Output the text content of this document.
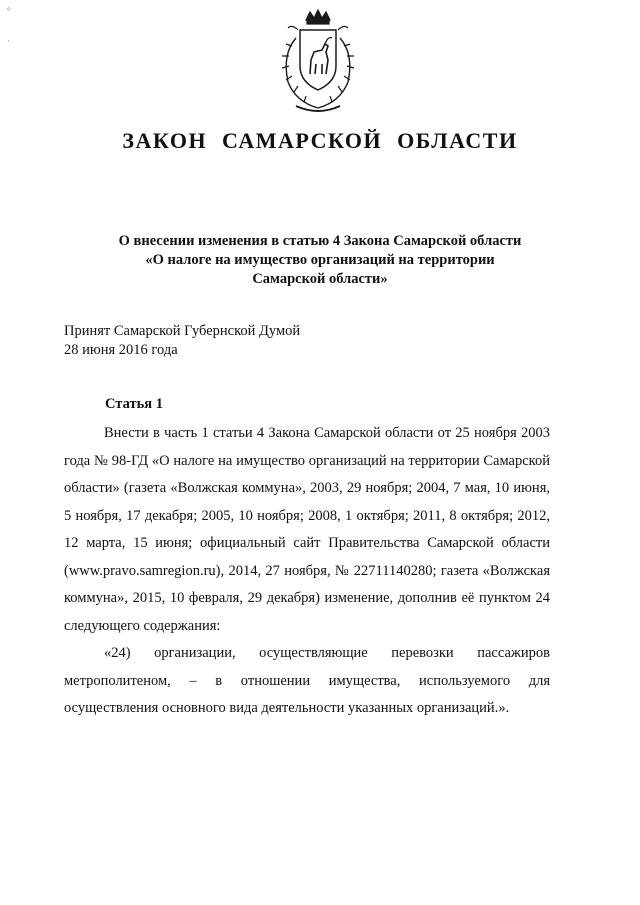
°
·
ЗАКОН САМАРСКОЙ ОБЛАСТИ
О внесении изменения в статью 4 Закона Самарской области
«О налоге на имущество организаций на территории
Самарской области»
Принят Самарской Губернской Думой
28 июня 2016 года
Статья 1

Внести в часть 1 статьи 4 Закона Самарской области от 25 ноября 2003 года № 98-ГД «О налоге на имущество организаций на территории Самарской области» (газета «Волжская коммуна», 2003, 29 ноября; 2004, 7 мая, 10 июня, 5 ноября, 17 декабря; 2005, 10 ноября; 2008, 1 октября; 2011, 8 октября; 2012, 12 марта, 15 июня; официальный сайт Правительства Самарской области (www.pravo.samregion.ru), 2014, 27 ноября, № 22711140280; газета «Волжская коммуна», 2015, 10 февраля, 29 декабря) изменение, дополнив её пунктом 24 следующего содержания:

«24) организации, осуществляющие перевозки пассажиров метрополитеном, – в отношении имущества, используемого для осуществления основного вида деятельности указанных организаций.».
